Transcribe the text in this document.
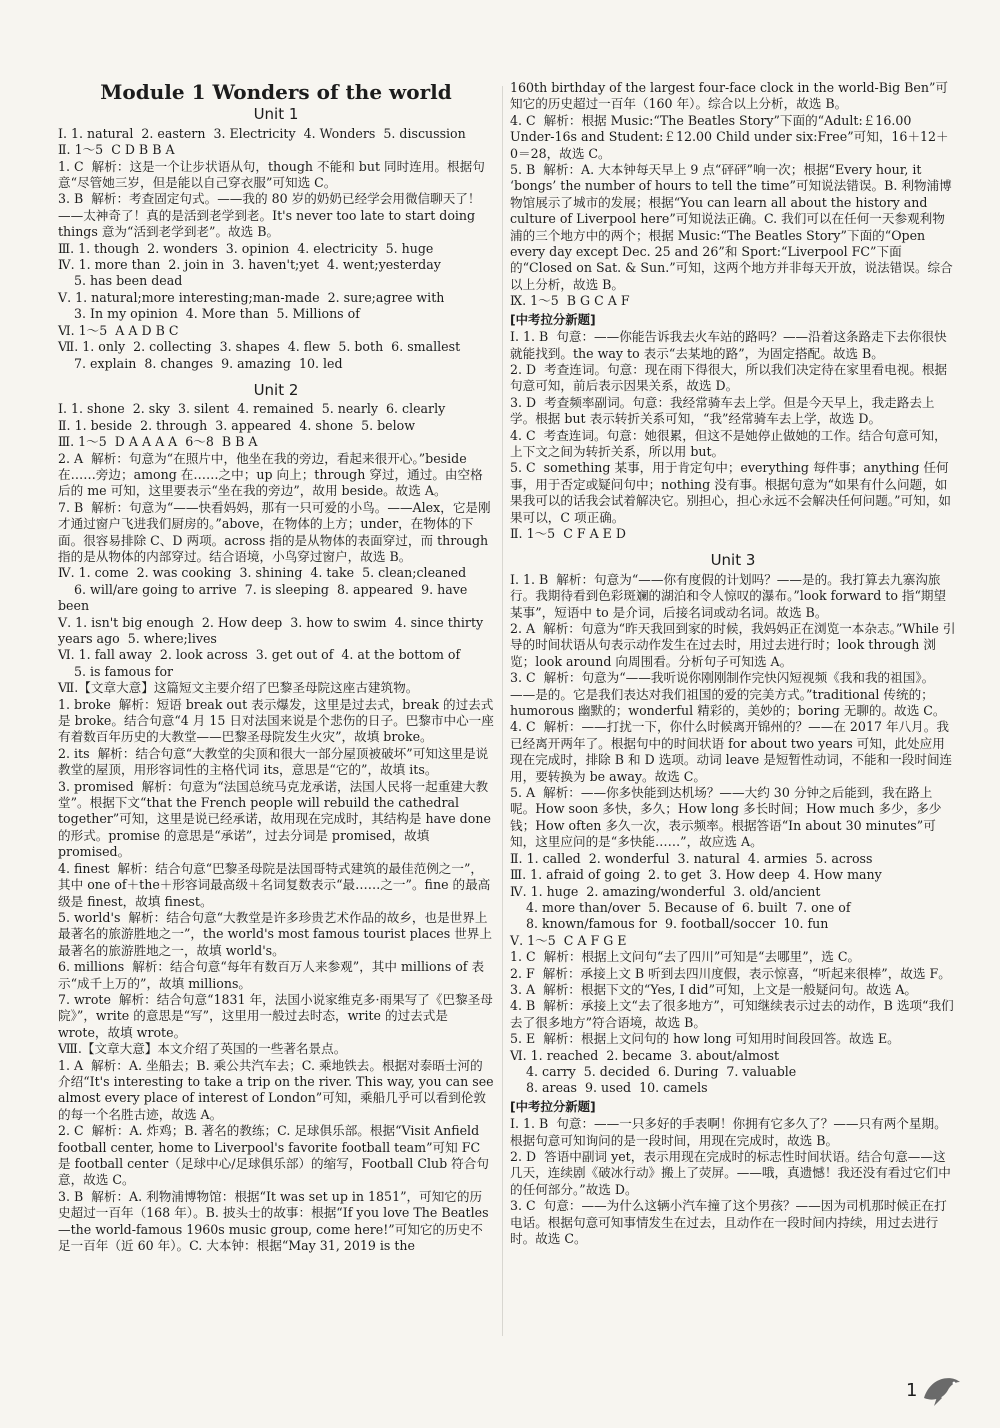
Module 1 Wonders of the world
Unit 1

Ⅰ. 1. natural  2. eastern  3. Electricity  4. Wonders  5. discussion

Ⅱ. 1～5  C D B B A

1. C  解析：这是一个让步状语从句，though 不能和 but 同时连用。根据句意“尽管她三岁，但是能以自己穿衣服”可知选 C。

3. B  解析：考查固定句式。——我的 80 岁的奶奶已经学会用微信聊天了！——太神奇了！真的是活到老学到老。It's never too late to start doing things 意为“活到老学到老”。故选 B。

Ⅲ. 1. though  2. wonders  3. opinion  4. electricity  5. huge

Ⅳ. 1. more than  2. join in  3. haven't;yet  4. went;yesterday

5. has been dead

Ⅴ. 1. natural;more interesting;man-made  2. sure;agree with

3. In my opinion  4. More than  5. Millions of

Ⅵ. 1～5  A A D B C

Ⅶ. 1. only  2. collecting  3. shapes  4. flew  5. both  6. smallest

7. explain  8. changes  9. amazing  10. led

Unit 2

Ⅰ. 1. shone  2. sky  3. silent  4. remained  5. nearly  6. clearly

Ⅱ. 1. beside  2. through  3. appeared  4. shone  5. below

Ⅲ. 1～5  D A A A A  6～8  B B A

2. A  解析：句意为“在照片中，他坐在我的旁边，看起来很开心。”beside 在……旁边；among 在……之中；up 向上；through 穿过，通过。由空格后的 me 可知，这里要表示“坐在我的旁边”，故用 beside。故选 A。

7. B  解析：句意为“——快看妈妈，那有一只可爱的小鸟。——Alex，它是刚才通过窗户飞进我们厨房的。”above，在物体的上方；under，在物体的下面。很容易排除 C、D 两项。across 指的是从物体的表面穿过，而 through 指的是从物体的内部穿过。结合语境，小鸟穿过窗户，故选 B。

Ⅳ. 1. come  2. was cooking  3. shining  4. take  5. clean;cleaned

6. will/are going to arrive  7. is sleeping  8. appeared  9. have been

Ⅴ. 1. isn't big enough  2. How deep  3. how to swim  4. since thirty years ago  5. where;lives

Ⅵ. 1. fall away  2. look across  3. get out of  4. at the bottom of

5. is famous for

Ⅶ.【文章大意】这篇短文主要介绍了巴黎圣母院这座古建筑物。

1. broke  解析：短语 break out 表示爆发，这里是过去式，break 的过去式是 broke。结合句意“4 月 15 日对法国来说是个悲伤的日子。巴黎市中心一座有着数百年历史的大教堂——巴黎圣母院发生火灾”，故填 broke。

2. its  解析：结合句意“大教堂的尖顶和很大一部分屋顶被破坏”可知这里是说教堂的屋顶，用形容词性的主格代词 its，意思是“它的”，故填 its。

3. promised  解析：句意为“法国总统马克龙承诺，法国人民将一起重建大教堂”。根据下文“that the French people will rebuild the cathedral together”可知，这里是说已经承诺，故用现在完成时，其结构是 have done 的形式。promise 的意思是“承诺”，过去分词是 promised，故填 promised。

4. finest  解析：结合句意“巴黎圣母院是法国哥特式建筑的最佳范例之一”，其中 one of＋the＋形容词最高级＋名词复数表示“最……之一”。fine 的最高级是 finest，故填 finest。

5. world's  解析：结合句意“大教堂是许多珍贵艺术作品的故乡，也是世界上最著名的旅游胜地之一”，the world's most famous tourist places 世界上最著名的旅游胜地之一，故填 world's。

6. millions  解析：结合句意“每年有数百万人来参观”，其中 millions of 表示“成千上万的”，故填 millions。

7. wrote  解析：结合句意“1831 年，法国小说家维克多·雨果写了《巴黎圣母院》”，write 的意思是“写”，这里用一般过去时态，write 的过去式是 wrote，故填 wrote。

Ⅷ.【文章大意】本文介绍了英国的一些著名景点。

1. A  解析：A. 坐船去；B. 乘公共汽车去；C. 乘地铁去。根据对泰晤士河的介绍“It's interesting to take a trip on the river. This way, you can see almost every place of interest of London”可知，乘船几乎可以看到伦敦的每一个名胜古迹，故选 A。

2. C  解析：A. 炸鸡；B. 著名的教练；C. 足球俱乐部。根据“Visit Anfield football center, home to Liverpool's favorite football team”可知 FC 是 football center（足球中心/足球俱乐部）的缩写，Football Club 符合句意，故选 C。

3. B  解析：A. 利物浦博物馆：根据“It was set up in 1851”，可知它的历史超过一百年（168 年）。B. 披头士的故事：根据“If you love The Beatles—the world-famous 1960s music group, come here!”可知它的历史不足一百年（近 60 年）。C. 大本钟：根据“May 31, 2019 is the

160th birthday of the largest four-face clock in the world-Big Ben”可知它的历史超过一百年（160 年）。综合以上分析，故选 B。

4. C  解析：根据 Music:“The Beatles Story”下面的“Adult:￡16.00 Under-16s and Student:￡12.00 Child under six:Free”可知，16＋12＋0＝28，故选 C。

5. B  解析：A. 大本钟每天早上 9 点“砰砰”响一次；根据“Every hour, it ‘bongs’ the number of hours to tell the time”可知说法错误。B. 利物浦博物馆展示了城市的发展；根据“You can learn all about the history and culture of Liverpool here”可知说法正确。C. 我们可以在任何一天参观利物浦的三个地方中的两个；根据 Music:“The Beatles Story”下面的“Open every day except Dec. 25 and 26”和 Sport:“Liverpool FC”下面的“Closed on Sat. & Sun.”可知，这两个地方并非每天开放，说法错误。综合以上分析，故选 B。

Ⅸ. 1～5  B G C A F

[中考拉分新题]

Ⅰ. 1. B  句意：——你能告诉我去火车站的路吗？——沿着这条路走下去你很快就能找到。the way to 表示“去某地的路”，为固定搭配。故选 B。

2. D  考查连词。句意：现在雨下得很大，所以我们决定待在家里看电视。根据句意可知，前后表示因果关系，故选 D。

3. D  考查频率副词。句意：我经常骑车去上学。但是今天早上，我走路去上学。根据 but 表示转折关系可知，“我”经常骑车去上学，故选 D。

4. C  考查连词。句意：她很累，但这不是她停止做她的工作。结合句意可知，上下文之间为转折关系，所以用 but。

5. C  something 某事，用于肯定句中；everything 每件事；anything 任何事，用于否定或疑问句中；nothing 没有事。根据句意为“如果有什么问题，如果我可以的话我会试着解决它。别担心，担心永远不会解决任何问题。”可知，如果可以，C 项正确。

Ⅱ. 1～5  C F A E D

Unit 3

Ⅰ. 1. B  解析：句意为“——你有度假的计划吗？——是的。我打算去九寨沟旅行。我期待看到色彩斑斓的湖泊和令人惊叹的瀑布。”look forward to 指“期望某事”，短语中 to 是介词，后接名词或动名词。故选 B。

2. A  解析：句意为“昨天我回到家的时候，我妈妈正在浏览一本杂志。”While 引导的时间状语从句表示动作发生在过去时，用过去进行时；look through 浏览；look around 向周围看。分析句子可知选 A。

3. C  解析：句意为“——我听说你刚刚制作完快闪短视频《我和我的祖国》。——是的。它是我们表达对我们祖国的爱的完美方式。”traditional 传统的；humorous 幽默的；wonderful 精彩的，美妙的；boring 无聊的。故选 C。

4. C  解析：——打扰一下，你什么时候离开锦州的？——在 2017 年八月。我已经离开两年了。根据句中的时间状语 for about two years 可知，此处应用现在完成时，排除 B 和 D 选项。动词 leave 是短暂性动词，不能和一段时间连用，要转换为 be away。故选 C。

5. A  解析：——你多快能到达机场？——大约 30 分钟之后能到，我在路上呢。How soon 多快，多久；How long 多长时间；How much 多少，多少钱；How often 多久一次，表示频率。根据答语“In about 30 minutes”可知，这里应问的是“多快能……”，故应选 A。

Ⅱ. 1. called  2. wonderful  3. natural  4. armies  5. across

Ⅲ. 1. afraid of going  2. to get  3. How deep  4. How many

Ⅳ. 1. huge  2. amazing/wonderful  3. old/ancient

4. more than/over  5. Because of  6. built  7. one of

8. known/famous for  9. football/soccer  10. fun

Ⅴ. 1～5  C A F G E

1. C  解析：根据上文问句“去了四川”可知是“去哪里”，选 C。

2. F  解析：承接上文 B 听到去四川度假，表示惊喜，“听起来很棒”，故选 F。

3. A  解析：根据下文的“Yes, I did”可知，上文是一般疑问句。故选 A。

4. B  解析：承接上文“去了很多地方”，可知继续表示过去的动作，B 选项“我们去了很多地方”符合语境，故选 B。

5. E  解析：根据上文问句的 how long 可知用时间段回答。故选 E。

Ⅵ. 1. reached  2. became  3. about/almost

4. carry  5. decided  6. During  7. valuable

8. areas  9. used  10. camels

[中考拉分新题]

Ⅰ. 1. B  句意：——一只多好的手表啊！你拥有它多久了？——只有两个星期。根据句意可知询问的是一段时间，用现在完成时，故选 B。

2. D  答语中副词 yet，表示用现在完成时的标志性时间状语。结合句意——这几天，连续剧《破冰行动》搬上了荧屏。——哦，真遗憾！我还没有看过它们中的任何部分。”故选 D。

3. C  句意：——为什么这辆小汽车撞了这个男孩？——因为司机那时候正在打电话。根据句意可知事情发生在过去，且动作在一段时间内持续，用过去进行时。故选 C。

1
